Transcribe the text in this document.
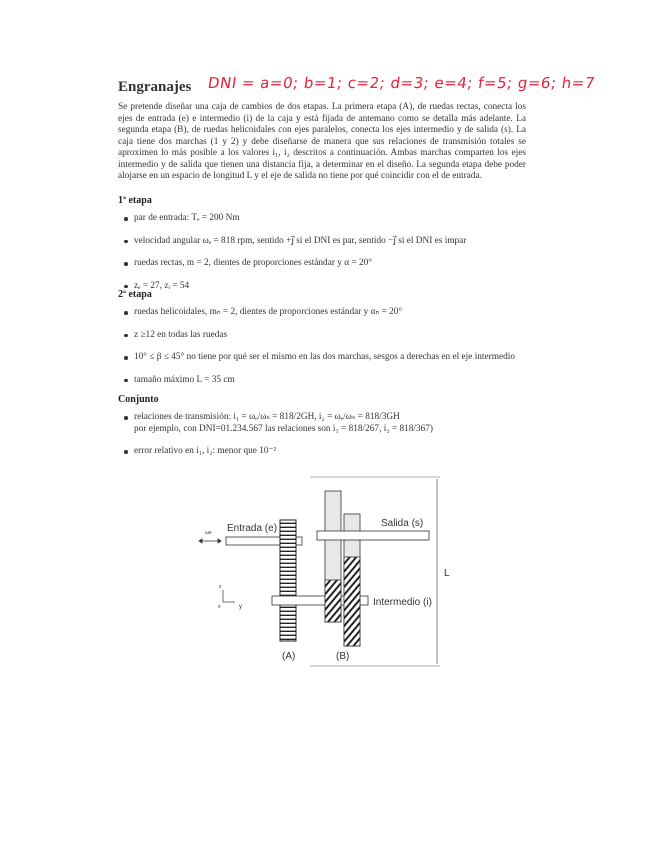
Engranajes DNI = a=0; b=1; c=2; d=3; e=4; f=5; g=6; h=7
Se pretende diseñar una caja de cambios de dos etapas. La primera etapa (A), de ruedas rectas, conecta los ejes de entrada (e) e intermedio (i) de la caja y está fijada de antemano como se detalla más adelante. La segunda etapa (B), de ruedas helicoidales con ejes paralelos, conecta los ejes intermedio y de salida (s). La caja tiene dos marchas (1 y 2) y debe diseñarse de manera que sus relaciones de transmisión totales se aproximen lo más posible a los valores i₁, i₂ descritos a continuación. Ambas marchas comparten los ejes intermedio y de salida que tienen una distancia fija, a determinar en el diseño. La segunda etapa debe poder alojarse en un espacio de longitud L y el eje de salida no tiene por qué coincidir con el de entrada.
1ª etapa
par de entrada: Tₑ = 200 Nm
velocidad angular ωₑ = 818 rpm, sentido +j⃗ si el DNI es par, sentido −j⃗ si el DNI es impar
ruedas rectas, m = 2, dientes de proporciones estándar y α = 20°
zₑ = 27, zᵢ = 54
2ª etapa
ruedas helicoidales, mₙ = 2, dientes de proporciones estándar y αₙ = 20°
z ≥12 en todas las ruedas
10° ≤ β ≤ 45° no tiene por qué ser el mismo en las dos marchas, sesgos a derechas en el eje intermedio
tamaño máximo L = 35 cm
Conjunto
relaciones de transmisión: i₁ = ωₑ/ωₛ = 818/2GH, i₂ = ωₑ/ωₛ = 818/3GH
por ejemplo, con DNI=01.234.567 las relaciones son i₁ = 818/267, i₂ = 818/367)
error relativo en i₁, i₂: menor que 10⁻²
L
Entrada (e)	Salida (s)
Intermedio (i)
(A)	(B)
ωe
z
x	y
